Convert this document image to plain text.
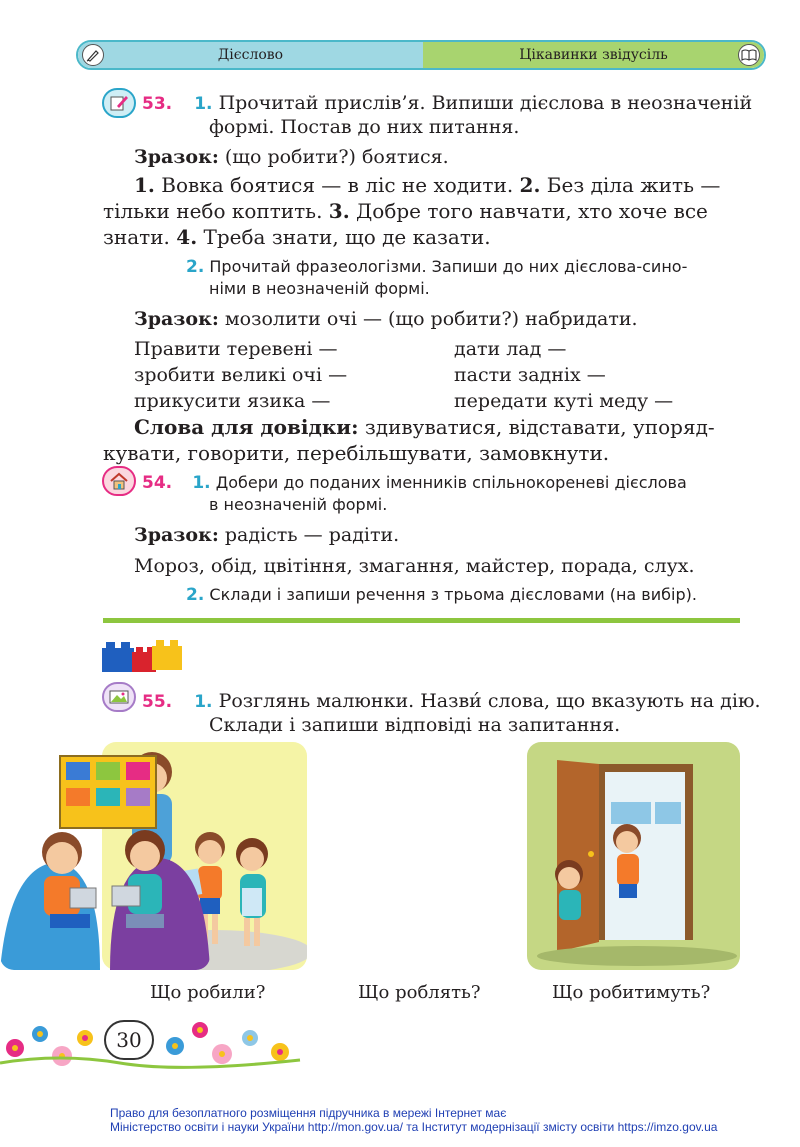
Дієслово	Цікавинки звідусіль
53. 1. Прочитай прислів’я. Випиши дієслова в неозначеній
формі. Постав до них питання.
Зразок: (що робити?) боятися.
1. Вовка боятися — в ліс не ходити. 2. Без діла жить —
тільки небо коптить. 3. Добре того навчати, хто хоче все
знати. 4. Треба знати, що де казати.
2. Прочитай фразеологізми. Запиши до них дієслова-сино-
німи в неозначеній формі.
Зразок: мозолити очі — (що робити?) набридати.
Правити теревені —	дати лад —
зробити великі очі —	пасти задніх —
прикусити язика —	передати куті меду —
Слова для довідки: здивуватися, відставати, упоряд-
кувати, говорити, перебільшувати, замовкнути.
54. 1. Добери до поданих іменників спільнокореневі дієслова
в неозначеній формі.
Зразок: радість — радіти.
Мороз, обід, цвітіння, змагання, майстер, порада, слух.
2. Склади і запиши речення з трьома дієсловами (на вибір).
55. 1. Розглянь малюнки. Назви́ слова, що вказують на дію.
Склади і запиши відповіді на запитання.
Що робили?	Що роблять?	Що робитимуть?
30
Право для безоплатного розміщення підручника в мережі Інтернет має
Міністерство освіти і науки України http://mon.gov.ua/ та Інститут модернізації змісту освіти https://imzo.gov.ua
